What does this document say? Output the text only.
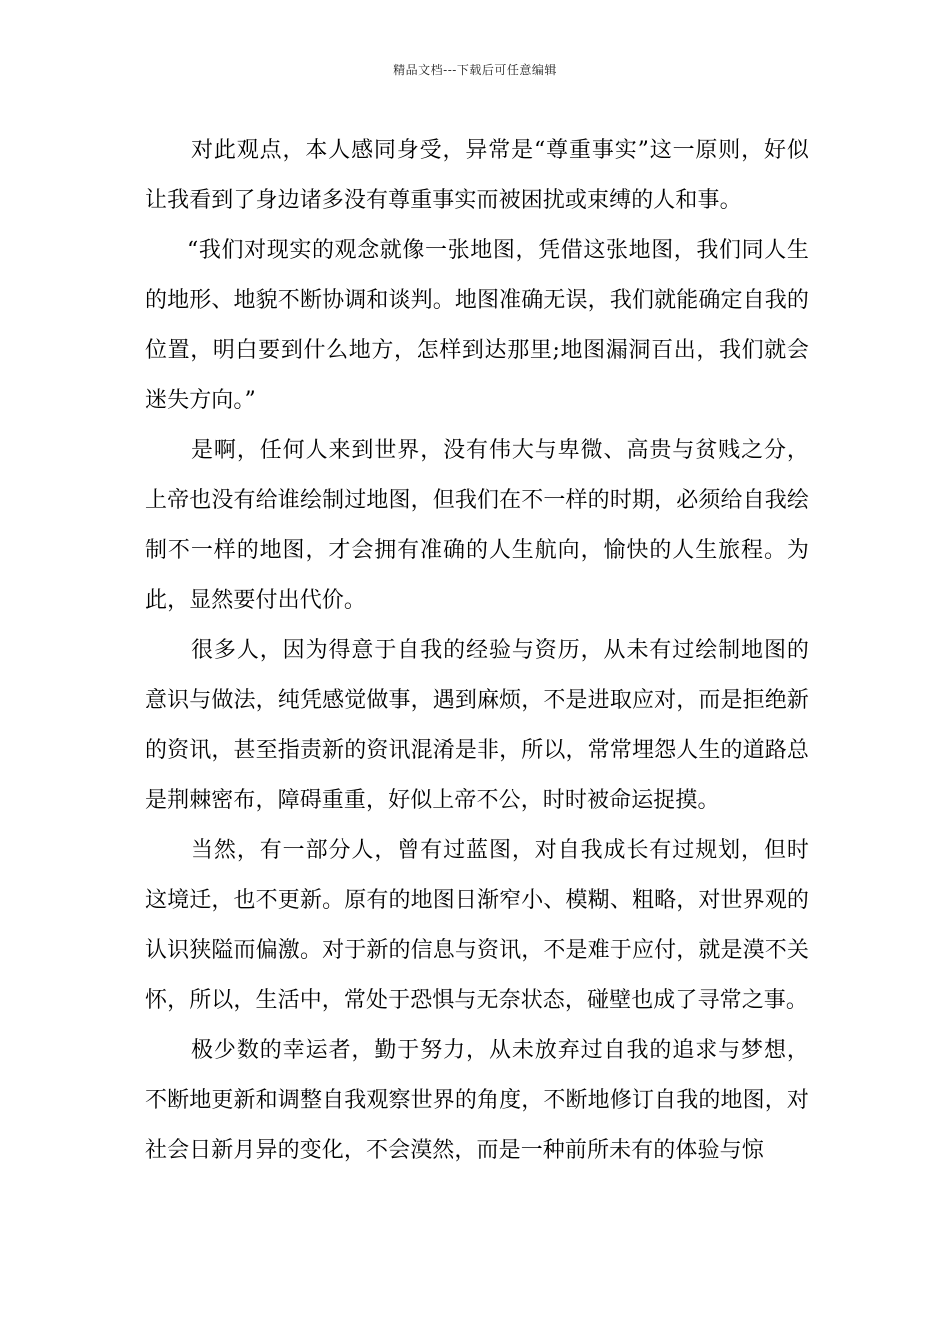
精品文档---下载后可任意编辑

对此观点，本人感同身受，异常是“尊重事实”这一原则，好似让我看到了身边诸多没有尊重事实而被困扰或束缚的人和事。

“我们对现实的观念就像一张地图，凭借这张地图，我们同人生的地形、地貌不断协调和谈判。地图准确无误，我们就能确定自我的位置，明白要到什么地方，怎样到达那里;地图漏洞百出，我们就会迷失方向。”

是啊，任何人来到世界，没有伟大与卑微、高贵与贫贱之分，上帝也没有给谁绘制过地图，但我们在不一样的时期，必须给自我绘制不一样的地图，才会拥有准确的人生航向，愉快的人生旅程。为此，显然要付出代价。

很多人，因为得意于自我的经验与资历，从未有过绘制地图的意识与做法，纯凭感觉做事，遇到麻烦，不是进取应对，而是拒绝新的资讯，甚至指责新的资讯混淆是非，所以，常常埋怨人生的道路总是荆棘密布，障碍重重，好似上帝不公，时时被命运捉摸。

当然，有一部分人，曾有过蓝图，对自我成长有过规划，但时这境迁，也不更新。原有的地图日渐窄小、模糊、粗略，对世界观的认识狭隘而偏激。对于新的信息与资讯，不是难于应付，就是漠不关怀，所以，生活中，常处于恐惧与无奈状态，碰壁也成了寻常之事。

极少数的幸运者，勤于努力，从未放弃过自我的追求与梦想，不断地更新和调整自我观察世界的角度，不断地修订自我的地图，对社会日新月异的变化，不会漠然，而是一种前所未有的体验与惊
